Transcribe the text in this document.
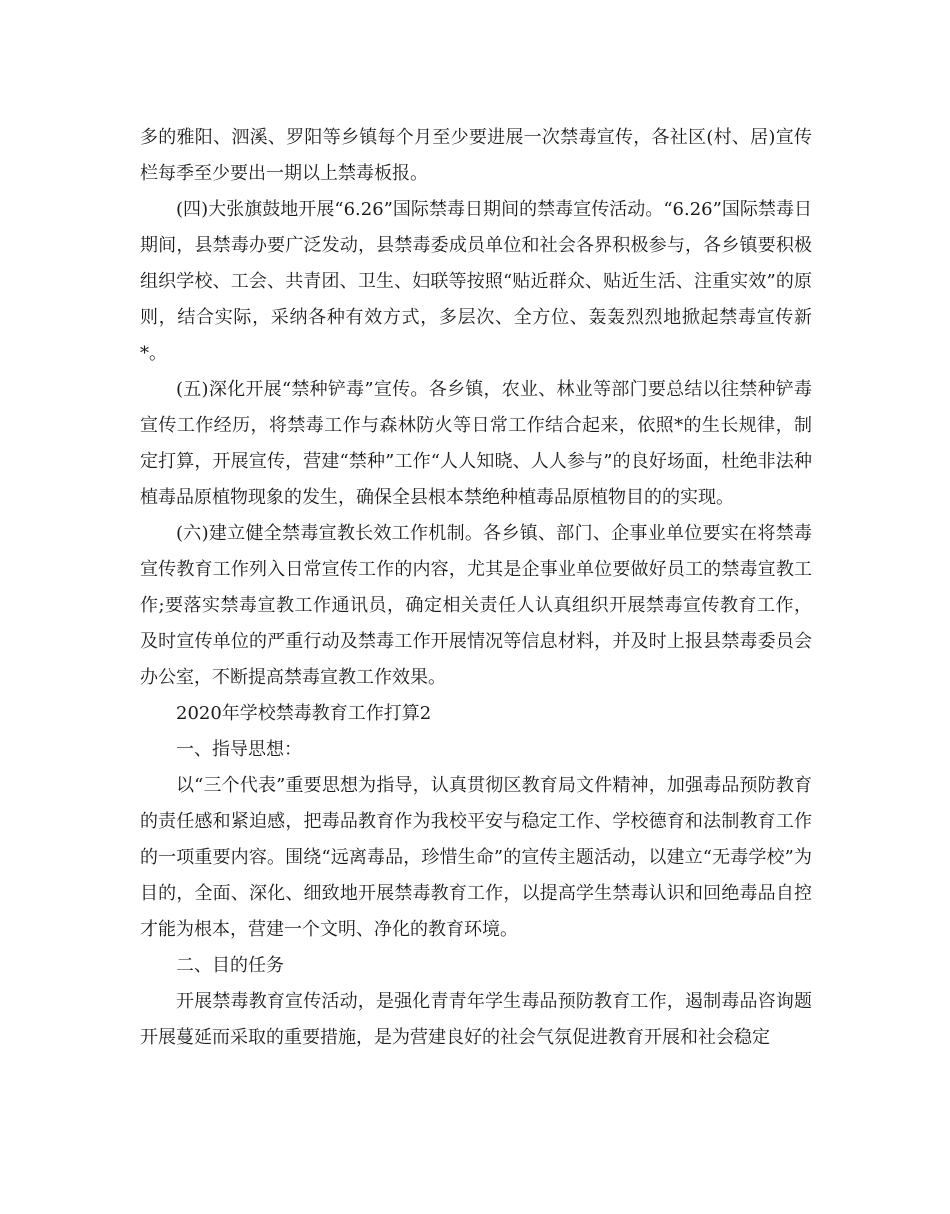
多的雅阳、泗溪、罗阳等乡镇每个月至少要进展一次禁毒宣传，各社区(村、居)宣传栏每季至少要出一期以上禁毒板报。

(四)大张旗鼓地开展“6.26”国际禁毒日期间的禁毒宣传活动。“6.26”国际禁毒日期间，县禁毒办要广泛发动，县禁毒委成员单位和社会各界积极参与，各乡镇要积极组织学校、工会、共青团、卫生、妇联等按照“贴近群众、贴近生活、注重实效”的原则，结合实际，采纳各种有效方式，多层次、全方位、轰轰烈烈地掀起禁毒宣传新*。

(五)深化开展“禁种铲毒”宣传。各乡镇，农业、林业等部门要总结以往禁种铲毒宣传工作经历，将禁毒工作与森林防火等日常工作结合起来，依照*的生长规律，制定打算，开展宣传，营建“禁种”工作“人人知晓、人人参与”的良好场面，杜绝非法种植毒品原植物现象的发生，确保全县根本禁绝种植毒品原植物目的的实现。

(六)建立健全禁毒宣教长效工作机制。各乡镇、部门、企事业单位要实在将禁毒宣传教育工作列入日常宣传工作的内容，尤其是企事业单位要做好员工的禁毒宣教工作;要落实禁毒宣教工作通讯员，确定相关责任人认真组织开展禁毒宣传教育工作，及时宣传单位的严重行动及禁毒工作开展情况等信息材料，并及时上报县禁毒委员会办公室，不断提高禁毒宣教工作效果。

2020年学校禁毒教育工作打算2

一、指导思想：

以“三个代表”重要思想为指导，认真贯彻区教育局文件精神，加强毒品预防教育的责任感和紧迫感，把毒品教育作为我校平安与稳定工作、学校德育和法制教育工作的一项重要内容。围绕“远离毒品，珍惜生命”的宣传主题活动，以建立“无毒学校”为目的，全面、深化、细致地开展禁毒教育工作，以提高学生禁毒认识和回绝毒品自控才能为根本，营建一个文明、净化的教育环境。

二、目的任务

开展禁毒教育宣传活动，是强化青青年学生毒品预防教育工作，遏制毒品咨询题开展蔓延而采取的重要措施，是为营建良好的社会气氛促进教育开展和社会稳定
